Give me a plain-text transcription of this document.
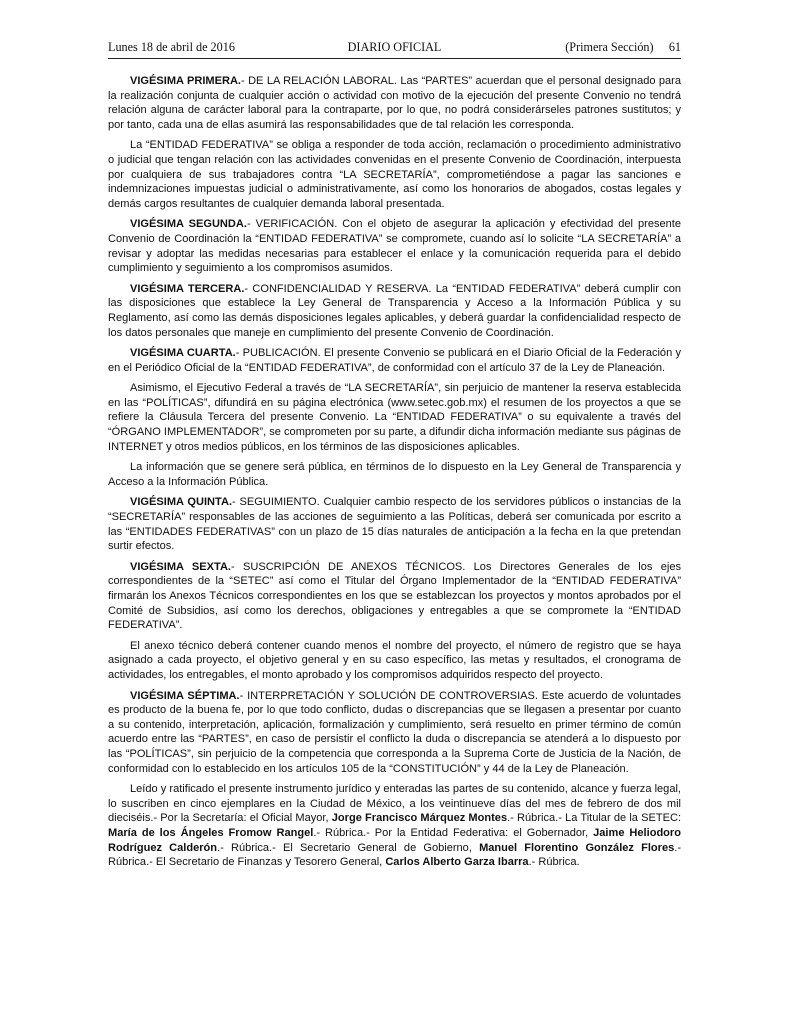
Lunes 18 de abril de 2016	DIARIO OFICIAL	(Primera Sección) 61

VIGÉSIMA PRIMERA.- DE LA RELACIÓN LABORAL. Las “PARTES” acuerdan que el personal designado para la realización conjunta de cualquier acción o actividad con motivo de la ejecución del presente Convenio no tendrá relación alguna de carácter laboral para la contraparte, por lo que, no podrá considerárseles patrones sustitutos; y por tanto, cada una de ellas asumirá las responsabilidades que de tal relación les corresponda.

La “ENTIDAD FEDERATIVA” se obliga a responder de toda acción, reclamación o procedimiento administrativo o judicial que tengan relación con las actividades convenidas en el presente Convenio de Coordinación, interpuesta por cualquiera de sus trabajadores contra “LA SECRETARÍA”, comprometiéndose a pagar las sanciones e indemnizaciones impuestas judicial o administrativamente, así como los honorarios de abogados, costas legales y demás cargos resultantes de cualquier demanda laboral presentada.

VIGÉSIMA SEGUNDA.- VERIFICACIÓN. Con el objeto de asegurar la aplicación y efectividad del presente Convenio de Coordinación la “ENTIDAD FEDERATIVA” se compromete, cuando así lo solicite “LA SECRETARÍA” a revisar y adoptar las medidas necesarias para establecer el enlace y la comunicación requerida para el debido cumplimiento y seguimiento a los compromisos asumidos.

VIGÉSIMA TERCERA.- CONFIDENCIALIDAD Y RESERVA. La “ENTIDAD FEDERATIVA” deberá cumplir con las disposiciones que establece la Ley General de Transparencia y Acceso a la Información Pública y su Reglamento, así como las demás disposiciones legales aplicables, y deberá guardar la confidencialidad respecto de los datos personales que maneje en cumplimiento del presente Convenio de Coordinación.

VIGÉSIMA CUARTA.- PUBLICACIÓN. El presente Convenio se publicará en el Diario Oficial de la Federación y en el Periódico Oficial de la “ENTIDAD FEDERATIVA”, de conformidad con el artículo 37 de la Ley de Planeación.

Asimismo, el Ejecutivo Federal a través de “LA SECRETARÍA”, sin perjuicio de mantener la reserva establecida en las “POLÍTICAS”, difundirá en su página electrónica (www.setec.gob.mx) el resumen de los proyectos a que se refiere la Cláusula Tercera del presente Convenio. La “ENTIDAD FEDERATIVA” o su equivalente a través del “ÓRGANO IMPLEMENTADOR”, se comprometen por su parte, a difundir dicha información mediante sus páginas de INTERNET y otros medios públicos, en los términos de las disposiciones aplicables.

La información que se genere será pública, en términos de lo dispuesto en la Ley General de Transparencia y Acceso a la Información Pública.

VIGÉSIMA QUINTA.- SEGUIMIENTO. Cualquier cambio respecto de los servidores públicos o instancias de la “SECRETARÍA” responsables de las acciones de seguimiento a las Políticas, deberá ser comunicada por escrito a las “ENTIDADES FEDERATIVAS” con un plazo de 15 días naturales de anticipación a la fecha en la que pretendan surtir efectos.

VIGÉSIMA SEXTA.- SUSCRIPCIÓN DE ANEXOS TÉCNICOS. Los Directores Generales de los ejes correspondientes de la “SETEC” así como el Titular del Órgano Implementador de la “ENTIDAD FEDERATIVA” firmarán los Anexos Técnicos correspondientes en los que se establezcan los proyectos y montos aprobados por el Comité de Subsidios, así como los derechos, obligaciones y entregables a que se compromete la “ENTIDAD FEDERATIVA”.

El anexo técnico deberá contener cuando menos el nombre del proyecto, el número de registro que se haya asignado a cada proyecto, el objetivo general y en su caso específico, las metas y resultados, el cronograma de actividades, los entregables, el monto aprobado y los compromisos adquiridos respecto del proyecto.

VIGÉSIMA SÉPTIMA.- INTERPRETACIÓN Y SOLUCIÓN DE CONTROVERSIAS. Este acuerdo de voluntades es producto de la buena fe, por lo que todo conflicto, dudas o discrepancias que se llegasen a presentar por cuanto a su contenido, interpretación, aplicación, formalización y cumplimiento, será resuelto en primer término de común acuerdo entre las “PARTES”, en caso de persistir el conflicto la duda o discrepancia se atenderá a lo dispuesto por las “POLÍTICAS”, sin perjuicio de la competencia que corresponda a la Suprema Corte de Justicia de la Nación, de conformidad con lo establecido en los artículos 105 de la “CONSTITUCIÓN” y 44 de la Ley de Planeación.

Leído y ratificado el presente instrumento jurídico y enteradas las partes de su contenido, alcance y fuerza legal, lo suscriben en cinco ejemplares en la Ciudad de México, a los veintinueve días del mes de febrero de dos mil dieciséis.- Por la Secretaría: el Oficial Mayor, Jorge Francisco Márquez Montes.- Rúbrica.- La Titular de la SETEC: María de los Ángeles Fromow Rangel.- Rúbrica.- Por la Entidad Federativa: el Gobernador, Jaime Heliodoro Rodríguez Calderón.- Rúbrica.- El Secretario General de Gobierno, Manuel Florentino González Flores.- Rúbrica.- El Secretario de Finanzas y Tesorero General, Carlos Alberto Garza Ibarra.- Rúbrica.
